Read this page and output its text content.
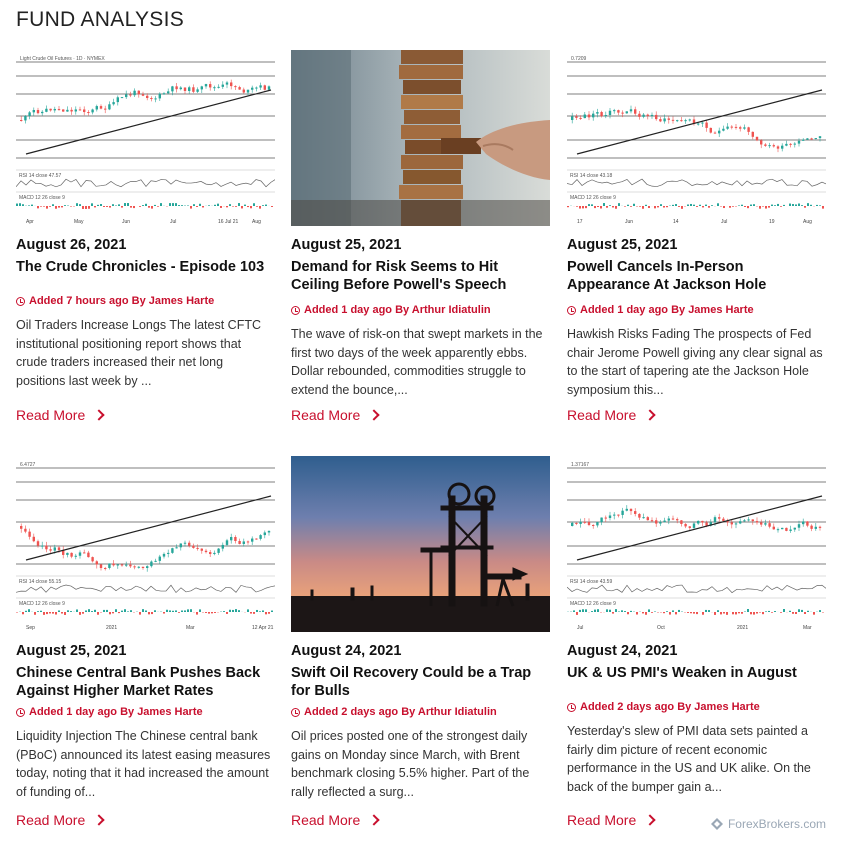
FUND ANALYSIS
Light Crude Oil Futures · 1D · NYMEX
RSI 14 close 47.57
MACD 12 26 close 9
Apr	May	Jun	Jul	16 Jul 21	Aug
August 26, 2021
The Crude Chronicles - Episode 103
Added 7 hours ago By James Harte
Oil Traders Increase Longs The latest CFTC institutional positioning report shows that crude traders increased their net long positions last week by ...
Read More
August 25, 2021
Demand for Risk Seems to Hit Ceiling Before Powell's Speech
Added 1 day ago By Arthur Idiatulin
The wave of risk-on that swept markets in the first two days of the week apparently ebbs. Dollar rebounded, commodities struggle to extend the bounce,...
Read More
0.7209
RSI 14 close 43.18
MACD 12 26 close 9
17	Jun	14	Jul	19	Aug
August 25, 2021
Powell Cancels In-Person Appearance At Jackson Hole
Added 1 day ago By James Harte
Hawkish Risks Fading The prospects of Fed chair Jerome Powell giving any clear signal as to the start of tapering ate the Jackson Hole symposium this...
Read More
6.4727
RSI 14 close 55.15
MACD 12 26 close 9
Sep	2021	Mar	12 Apr 21
August 25, 2021
Chinese Central Bank Pushes Back Against Higher Market Rates
Added 1 day ago By James Harte
Liquidity Injection The Chinese central bank (PBoC) announced its latest easing measures today, noting that it had increased the amount of funding of...
Read More
August 24, 2021
Swift Oil Recovery Could be a Trap for Bulls
Added 2 days ago By Arthur Idiatulin
Oil prices posted one of the strongest daily gains on Monday since March, with Brent benchmark closing 5.5% higher. Part of the rally reflected a surg...
Read More
1.37167
RSI 14 close 43.59
MACD 12 26 close 9
Jul	Oct	2021	Mar
August 24, 2021
UK & US PMI's Weaken in August
Added 2 days ago By James Harte
Yesterday's slew of PMI data sets painted a fairly dim picture of recent economic performance in the US and UK alike. On the back of the bumper gain a...
Read More	ForexBrokers.com
